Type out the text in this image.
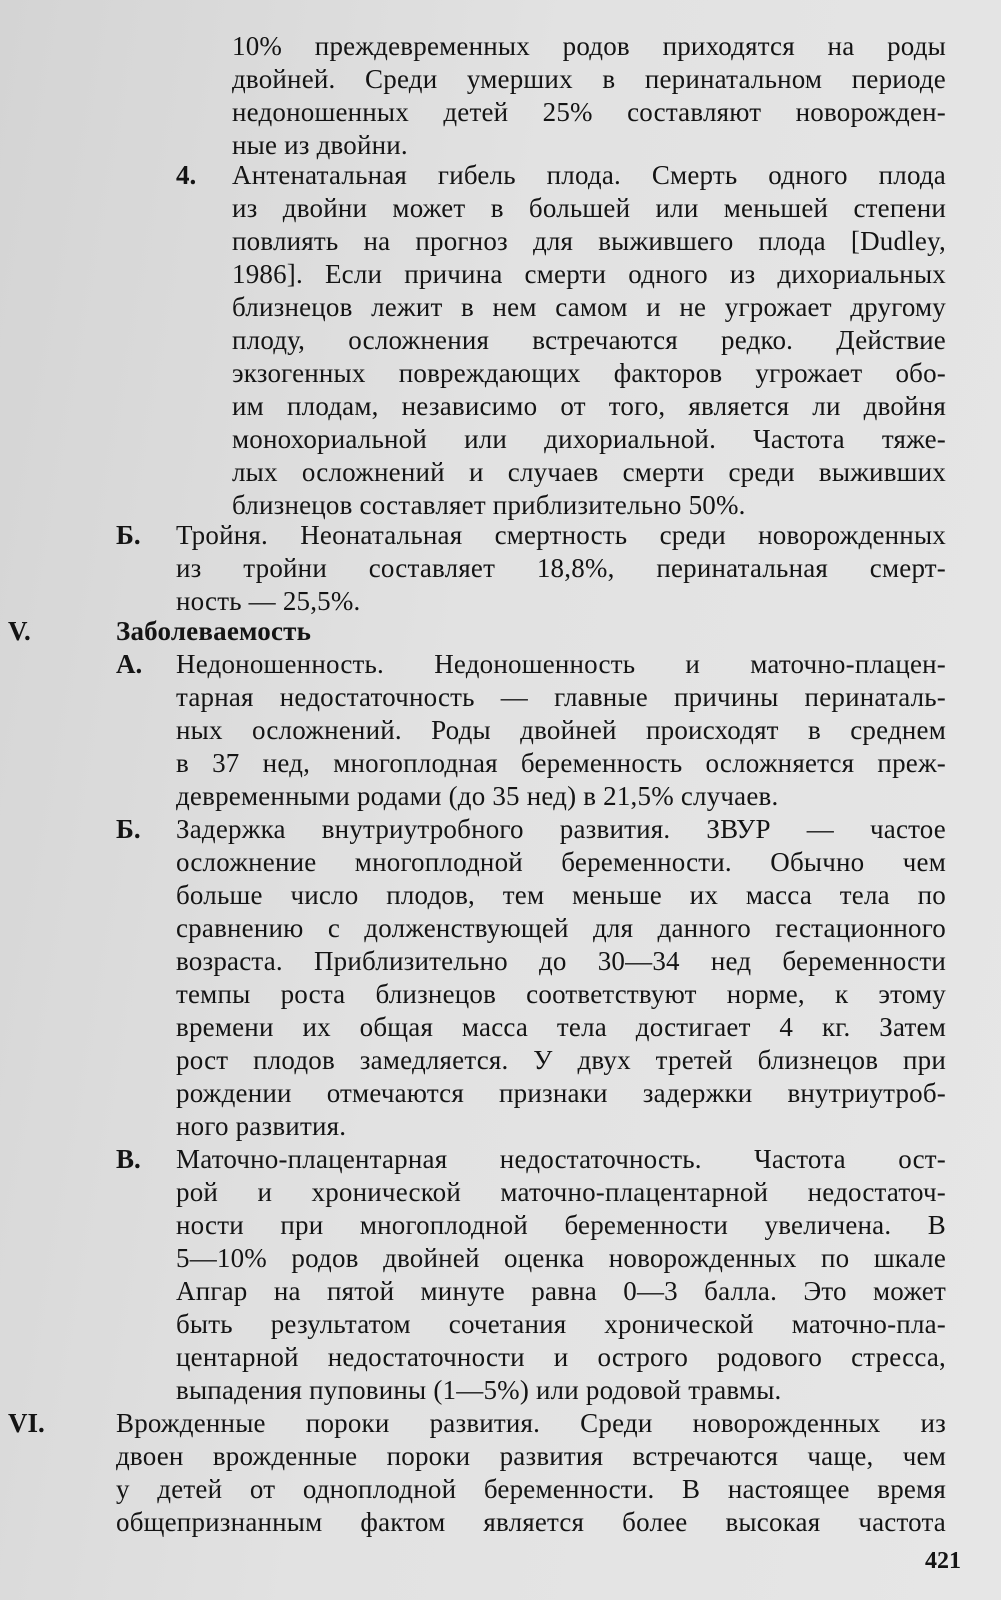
10% преждевременных родов приходятся на роды
двойней. Среди умерших в перинатальном периоде
недоношенных детей 25% составляют новорожден-
ные из двойни.
4. Антенатальная гибель плода. Смерть одного плода
из двойни может в большей или меньшей степени
повлиять на прогноз для выжившего плода [Dudley,
1986]. Если причина смерти одного из дихориальных
близнецов лежит в нем самом и не угрожает другому
плоду, осложнения встречаются редко. Действие
экзогенных повреждающих факторов угрожает обо-
им плодам, независимо от того, является ли двойня
монохориальной или дихориальной. Частота тяже-
лых осложнений и случаев смерти среди выживших
близнецов составляет приблизительно 50%.
Б. Тройня. Неонатальная смертность среди новорожденных
из тройни составляет 18,8%, перинатальная смерт-
ность — 25,5%.
V.	Заболеваемость
А. Недоношенность. Недоношенность и маточно-плацен-
тарная недостаточность — главные причины перинаталь-
ных осложнений. Роды двойней происходят в среднем
в 37 нед, многоплодная беременность осложняется преж-
девременными родами (до 35 нед) в 21,5% случаев.
Б. Задержка внутриутробного развития. ЗВУР — частое
осложнение многоплодной беременности. Обычно чем
больше число плодов, тем меньше их масса тела по
сравнению с долженствующей для данного гестационного
возраста. Приблизительно до 30—34 нед беременности
темпы роста близнецов соответствуют норме, к этому
времени их общая масса тела достигает 4 кг. Затем
рост плодов замедляется. У двух третей близнецов при
рождении отмечаются признаки задержки внутриутроб-
ного развития.
В. Маточно-плацентарная недостаточность. Частота ост-
рой и хронической маточно-плацентарной недостаточ-
ности при многоплодной беременности увеличена. В
5—10% родов двойней оценка новорожденных по шкале
Апгар на пятой минуте равна 0—3 балла. Это может
быть результатом сочетания хронической маточно-пла-
центарной недостаточности и острого родового стресса,
выпадения пуповины (1—5%) или родовой травмы.
VI.	Врожденные пороки развития. Среди новорожденных из
двоен врожденные пороки развития встречаются чаще, чем
у детей от одноплодной беременности. В настоящее время
общепризнанным фактом является более высокая частота
421
